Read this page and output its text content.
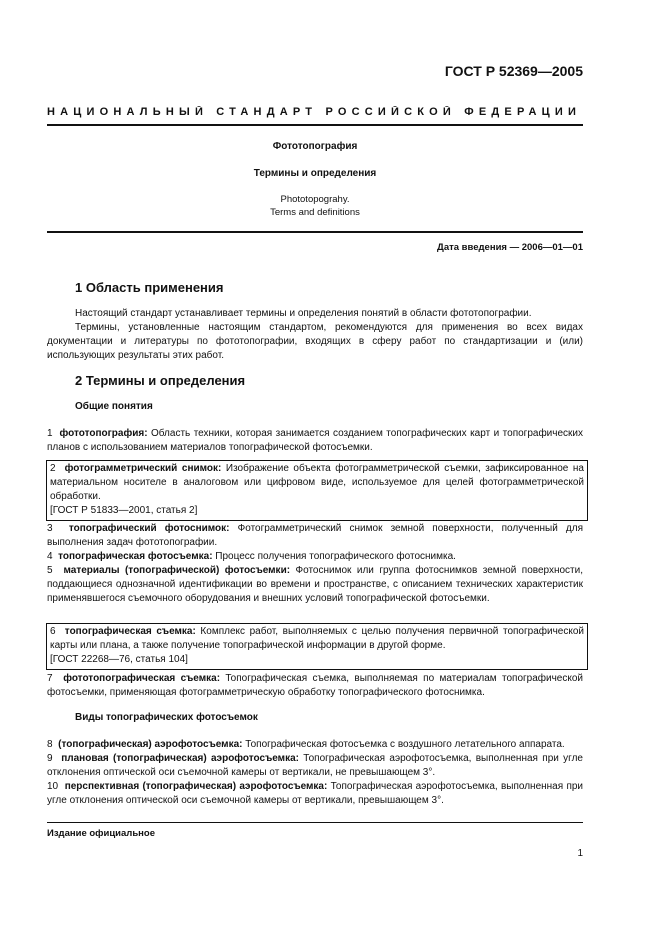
ГОСТ Р 52369—2005
НАЦИОНАЛЬНЫЙ СТАНДАРТ РОССИЙСКОЙ ФЕДЕРАЦИИ
Фототопография
Термины и определения
Phototopograhy.
Terms and definitions
Дата введения — 2006—01—01
1 Область применения
Настоящий стандарт устанавливает термины и определения понятий в области фототопографии.
Термины, установленные настоящим стандартом, рекомендуются для применения во всех видах документации и литературы по фототопографии, входящих в сферу работ по стандартизации и (или) использующих результаты этих работ.
2 Термины и определения
Общие понятия
1 фототопография: Область техники, которая занимается созданием топографических карт и топографических планов с использованием материалов топографической фотосъемки.
2 фотограмметрический снимок: Изображение объекта фотограмметрической съемки, зафиксированное на материальном носителе в аналоговом или цифровом виде, используемое для целей фотограмметрической обработки.
[ГОСТ Р 51833—2001, статья 2]
3 топографический фотоснимок: Фотограмметрический снимок земной поверхности, полученный для выполнения задач фототопографии.
4 топографическая фотосъемка: Процесс получения топографического фотоснимка.
5 материалы (топографической) фотосъемки: Фотоснимок или группа фотоснимков земной поверхности, поддающиеся однозначной идентификации во времени и пространстве, с описанием технических характеристик применявшегося съемочного оборудования и внешних условий топографической фотосъемки.
6 топографическая съемка: Комплекс работ, выполняемых с целью получения первичной топографической карты или плана, а также получение топографической информации в другой форме.
[ГОСТ 22268—76, статья 104]
7 фототопографическая съемка: Топографическая съемка, выполняемая по материалам топографической фотосъемки, применяющая фотограмметрическую обработку топографического фотоснимка.
Виды топографических фотосъемок
8 (топографическая) аэрофотосъемка: Топографическая фотосъемка с воздушного летательного аппарата.
9 плановая (топографическая) аэрофотосъемка: Топографическая аэрофотосъемка, выполненная при угле отклонения оптической оси съемочной камеры от вертикали, не превышающем 3°.
10 перспективная (топографическая) аэрофотосъемка: Топографическая аэрофотосъемка, выполненная при угле отклонения оптической оси съемочной камеры от вертикали, превышающем 3°.
Издание официальное
1
